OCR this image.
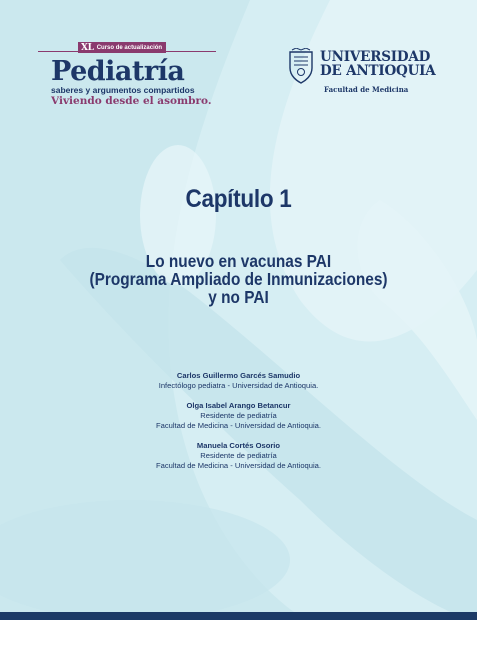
XL Curso de actualización
Pediatría
saberes y argumentos compartidos
Viviendo desde el asombro.
UNIVERSIDAD
DE ANTIOQUIA
Facultad de Medicina
Capítulo 1
Lo nuevo en vacunas PAI
(Programa Ampliado de Inmunizaciones)
y no PAI
Carlos Guillermo Garcés Samudio
Infectólogo pediatra - Universidad de Antioquia.
Olga Isabel Arango Betancur
Residente de pediatría
Facultad de Medicina - Universidad de Antioquia.
Manuela Cortés Osorio
Residente de pediatría
Facultad de Medicina - Universidad de Antioquia.
